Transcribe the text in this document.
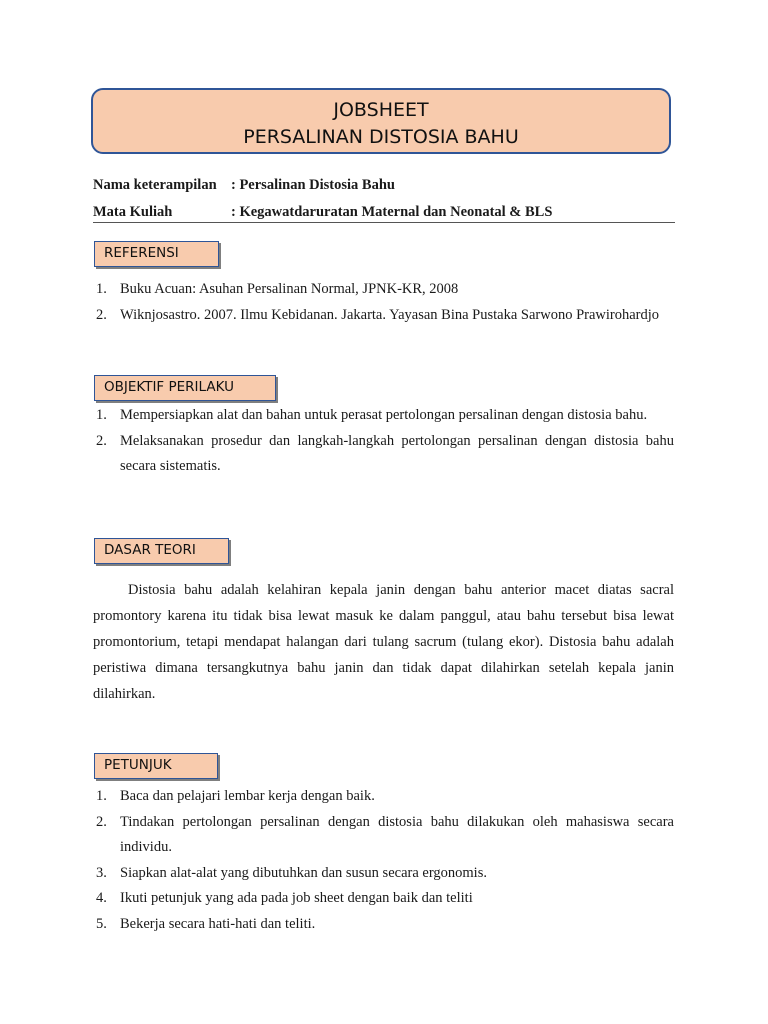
JOBSHEET
PERSALINAN DISTOSIA BAHU
Nama keterampilan : Persalinan Distosia Bahu
Mata Kuliah	: Kegawatdaruratan Maternal dan Neonatal & BLS
REFERENSI
1. Buku Acuan: Asuhan Persalinan Normal, JPNK-KR, 2008
2. Wiknjosastro. 2007. Ilmu Kebidanan. Jakarta. Yayasan Bina Pustaka Sarwono Prawirohardjo
OBJEKTIF PERILAKU
1. Mempersiapkan alat dan bahan untuk perasat pertolongan persalinan dengan distosia bahu.
2. Melaksanakan prosedur dan langkah-langkah pertolongan persalinan dengan distosia bahu secara sistematis.
DASAR TEORI

Distosia bahu adalah kelahiran kepala janin dengan bahu anterior macet diatas sacral promontory karena itu tidak bisa lewat masuk ke dalam panggul, atau bahu tersebut bisa lewat promontorium, tetapi mendapat halangan dari tulang sacrum (tulang ekor). Distosia bahu adalah peristiwa dimana tersangkutnya bahu janin dan tidak dapat dilahirkan setelah kepala janin dilahirkan.

PETUNJUK
1. Baca dan pelajari lembar kerja dengan baik.
2. Tindakan pertolongan persalinan dengan distosia bahu dilakukan oleh mahasiswa secara individu.
3. Siapkan alat-alat yang dibutuhkan dan susun secara ergonomis.
4. Ikuti petunjuk yang ada pada job sheet dengan baik dan teliti
5. Bekerja secara hati-hati dan teliti.
